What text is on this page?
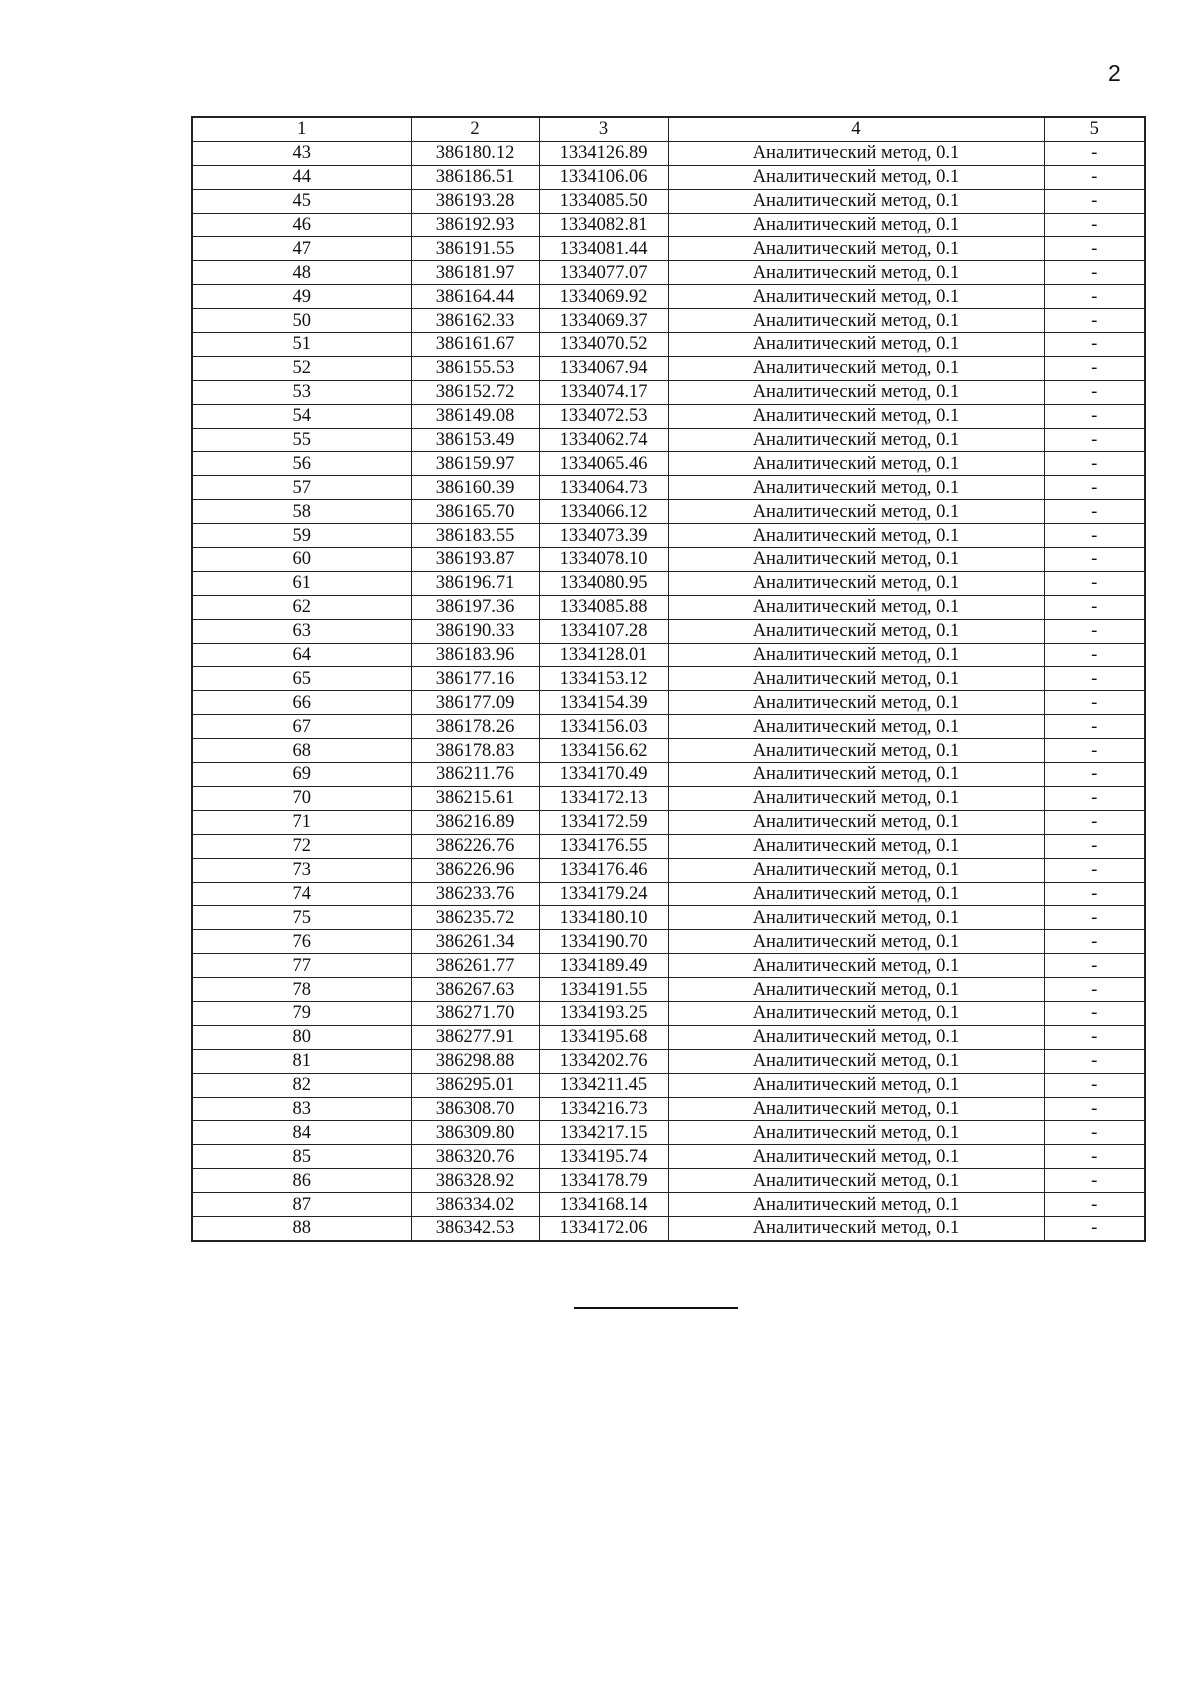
2
1	2	3	4	5
43	386180.12	1334126.89	Аналитический метод, 0.1	-
44	386186.51	1334106.06	Аналитический метод, 0.1	-
45	386193.28	1334085.50	Аналитический метод, 0.1	-
46	386192.93	1334082.81	Аналитический метод, 0.1	-
47	386191.55	1334081.44	Аналитический метод, 0.1	-
48	386181.97	1334077.07	Аналитический метод, 0.1	-
49	386164.44	1334069.92	Аналитический метод, 0.1	-
50	386162.33	1334069.37	Аналитический метод, 0.1	-
51	386161.67	1334070.52	Аналитический метод, 0.1	-
52	386155.53	1334067.94	Аналитический метод, 0.1	-
53	386152.72	1334074.17	Аналитический метод, 0.1	-
54	386149.08	1334072.53	Аналитический метод, 0.1	-
55	386153.49	1334062.74	Аналитический метод, 0.1	-
56	386159.97	1334065.46	Аналитический метод, 0.1	-
57	386160.39	1334064.73	Аналитический метод, 0.1	-
58	386165.70	1334066.12	Аналитический метод, 0.1	-
59	386183.55	1334073.39	Аналитический метод, 0.1	-
60	386193.87	1334078.10	Аналитический метод, 0.1	-
61	386196.71	1334080.95	Аналитический метод, 0.1	-
62	386197.36	1334085.88	Аналитический метод, 0.1	-
63	386190.33	1334107.28	Аналитический метод, 0.1	-
64	386183.96	1334128.01	Аналитический метод, 0.1	-
65	386177.16	1334153.12	Аналитический метод, 0.1	-
66	386177.09	1334154.39	Аналитический метод, 0.1	-
67	386178.26	1334156.03	Аналитический метод, 0.1	-
68	386178.83	1334156.62	Аналитический метод, 0.1	-
69	386211.76	1334170.49	Аналитический метод, 0.1	-
70	386215.61	1334172.13	Аналитический метод, 0.1	-
71	386216.89	1334172.59	Аналитический метод, 0.1	-
72	386226.76	1334176.55	Аналитический метод, 0.1	-
73	386226.96	1334176.46	Аналитический метод, 0.1	-
74	386233.76	1334179.24	Аналитический метод, 0.1	-
75	386235.72	1334180.10	Аналитический метод, 0.1	-
76	386261.34	1334190.70	Аналитический метод, 0.1	-
77	386261.77	1334189.49	Аналитический метод, 0.1	-
78	386267.63	1334191.55	Аналитический метод, 0.1	-
79	386271.70	1334193.25	Аналитический метод, 0.1	-
80	386277.91	1334195.68	Аналитический метод, 0.1	-
81	386298.88	1334202.76	Аналитический метод, 0.1	-
82	386295.01	1334211.45	Аналитический метод, 0.1	-
83	386308.70	1334216.73	Аналитический метод, 0.1	-
84	386309.80	1334217.15	Аналитический метод, 0.1	-
85	386320.76	1334195.74	Аналитический метод, 0.1	-
86	386328.92	1334178.79	Аналитический метод, 0.1	-
87	386334.02	1334168.14	Аналитический метод, 0.1	-
88	386342.53	1334172.06	Аналитический метод, 0.1	-
